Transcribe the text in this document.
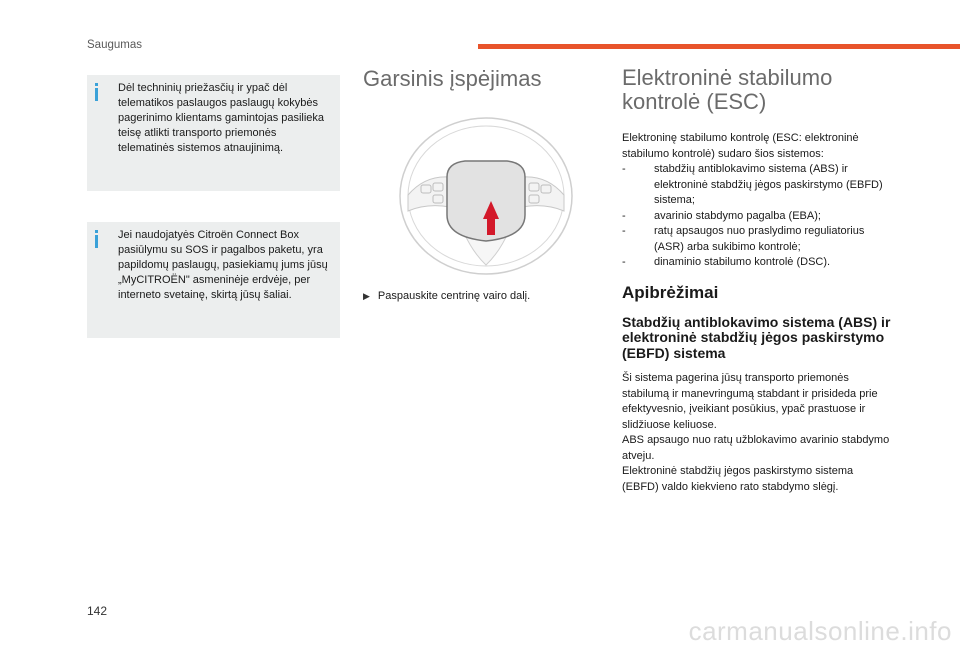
Saugumas
Dėl techninių priežasčių ir ypač dėl telematikos paslaugos paslaugų kokybės pagerinimo klientams gamintojas pasilieka teisę atlikti transporto priemonės telematinės sistemos atnaujinimą.
Jei naudojatyės Citroën Connect Box pasiūlymu su SOS ir pagalbos paketu, yra papildomų paslaugų, pasiekiamų jums jūsų „MyCITROËN" asmeninėje erdvėje, per interneto svetainę, skirtą jūsų šaliai.
Garsinis įspėjimas
▶ Paspauskite centrinę vairo dalį.
Elektroninė stabilumo
kontrolė (ESC)
Elektroninę stabilumo kontrolę (ESC: elektroninė stabilumo kontrolė) sudaro šios sistemos:
- stabdžių antiblokavimo sistema (ABS) ir elektroninė stabdžių jėgos paskirstymo (EBFD) sistema;
- avarinio stabdymo pagalba (EBA);
- ratų apsaugos nuo praslydimo reguliatorius (ASR) arba sukibimo kontrolė;
- dinaminio stabilumo kontrolė (DSC).
Apibrėžimai
Stabdžių antiblokavimo sistema (ABS) ir elektroninė stabdžių jėgos paskirstymo (EBFD) sistema
Ši sistema pagerina jūsų transporto priemonės stabilumą ir manevringumą stabdant ir prisideda prie efektyvesnio, įveikiant posūkius, ypač prastuose ir slidžiuose keliuose.
ABS apsaugo nuo ratų užblokavimo avarinio stabdymo atveju.
Elektroninė stabdžių jėgos paskirstymo sistema (EBFD) valdo kiekvieno rato stabdymo slėgį.
142
carmanualsonline.info
